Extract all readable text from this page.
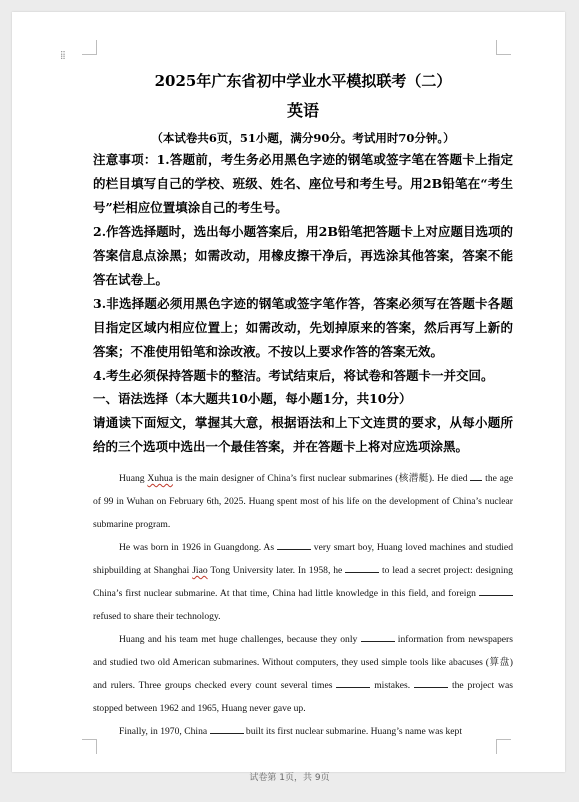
⁞⁞

2025年广东省初中学业水平模拟联考（二）

英语
（本试卷共6页，51小题，满分90分。考试用时70分钟。）

注意事项：1.答题前，考生务必用黑色字迹的钢笔或签字笔在答题卡上指定的栏目填写自己的学校、班级、姓名、座位号和考生号。用2B铅笔在“考生号”栏相应位置填涂自己的考生号。

2.作答选择题时，选出每小题答案后，用2B铅笔把答题卡上对应题目选项的答案信息点涂黑；如需改动，用橡皮擦干净后，再选涂其他答案，答案不能答在试卷上。

3.非选择题必须用黑色字迹的钢笔或签字笔作答，答案必须写在答题卡各题目指定区域内相应位置上；如需改动，先划掉原来的答案，然后再写上新的答案；不准使用铅笔和涂改液。不按以上要求作答的答案无效。

4.考生必须保持答题卡的整洁。考试结束后，将试卷和答题卡一并交回。

一、语法选择（本大题共10小题，每小题1分，共10分）
请通读下面短文，掌握其大意，根据语法和上下文连贯的要求，从每小题所给的三个选项中选出一个最佳答案，并在答题卡上将对应选项涂黑。

Huang Xuhua is the main designer of China’s first nuclear submarines (核潜艇). He died  the age of 99 in Wuhan on February 6th, 2025. Huang spent most of his life on the development of China’s nuclear submarine program.

He was born in 1926 in Guangdong. As	very smart boy, Huang loved machines and studied shipbuilding at Shanghai Jiao Tong University later. In 1958, he	to lead a secret project: designing China’s first nuclear submarine. At that time, China had little knowledge in this field, and foreign  refused to share their technology.

Huang and his team met huge challenges, because they only	information from newspapers and studied two old American submarines. Without computers, they used simple tools like abacuses (算盘) and rulers. Three groups checked every count several times	mistakes.	the project was stopped between 1962 and 1965, Huang never gave up.

Finally, in 1970, China	built its first nuclear submarine. Huang’s name was kept

试卷第 1页，共 9页
